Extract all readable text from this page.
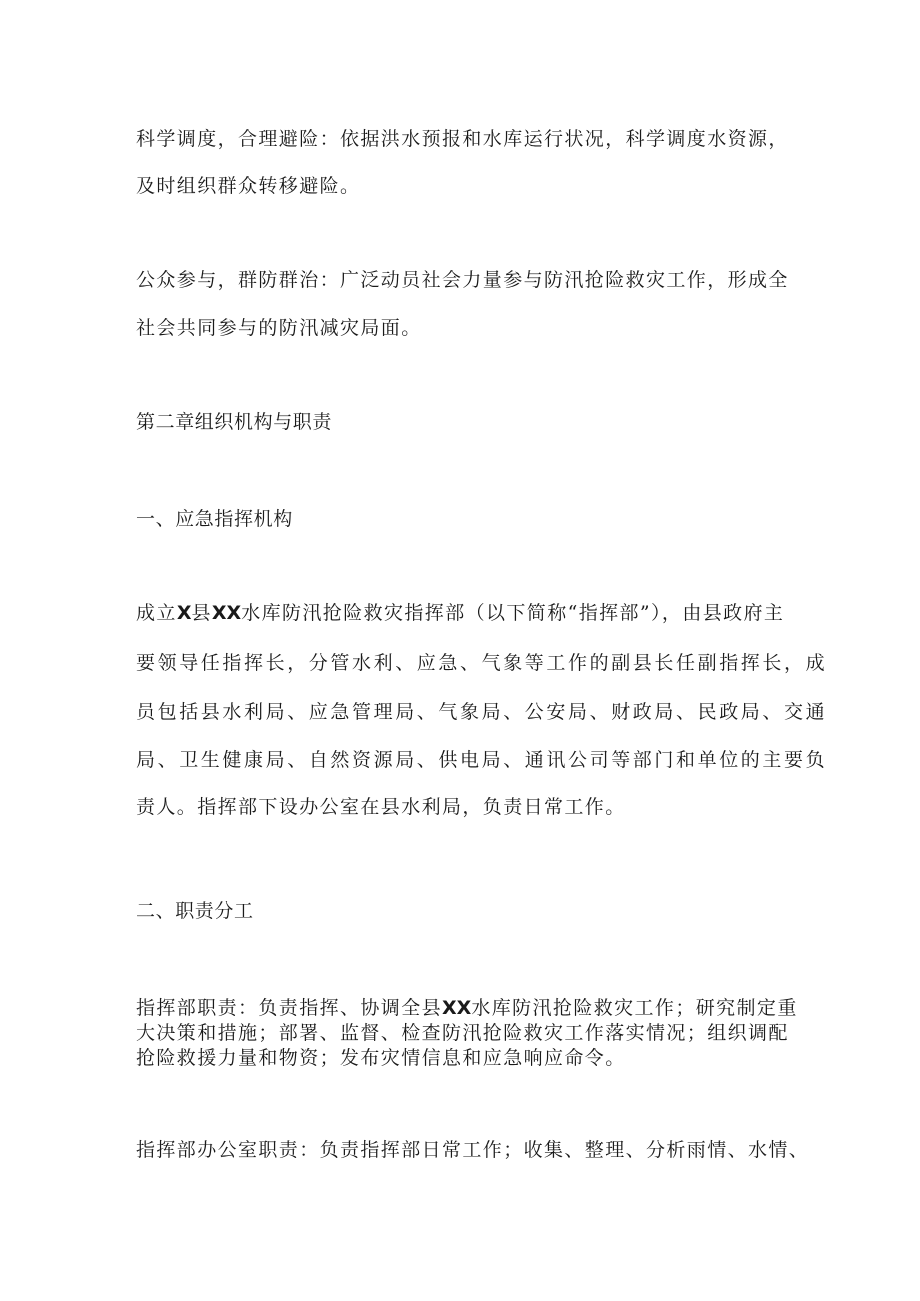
科学调度，合理避险：依据洪水预报和水库运行状况，科学调度水资源，
及时组织群众转移避险。
公众参与，群防群治：广泛动员社会力量参与防汛抢险救灾工作，形成全
社会共同参与的防汛减灾局面。
第二章组织机构与职责
一、应急指挥机构
成立X县XX水库防汛抢险救灾指挥部（以下简称“指挥部”），由县政府主
要领导任指挥长，分管水利、应急、气象等工作的副县长任副指挥长，成
员包括县水利局、应急管理局、气象局、公安局、财政局、民政局、交通
局、卫生健康局、自然资源局、供电局、通讯公司等部门和单位的主要负
责人。指挥部下设办公室在县水利局，负责日常工作。
二、职责分工
指挥部职责：负责指挥、协调全县XX水库防汛抢险救灾工作；研究制定重
大决策和措施；部署、监督、检查防汛抢险救灾工作落实情况；组织调配
抢险救援力量和物资；发布灾情信息和应急响应命令。
指挥部办公室职责：负责指挥部日常工作；收集、整理、分析雨情、水情、
